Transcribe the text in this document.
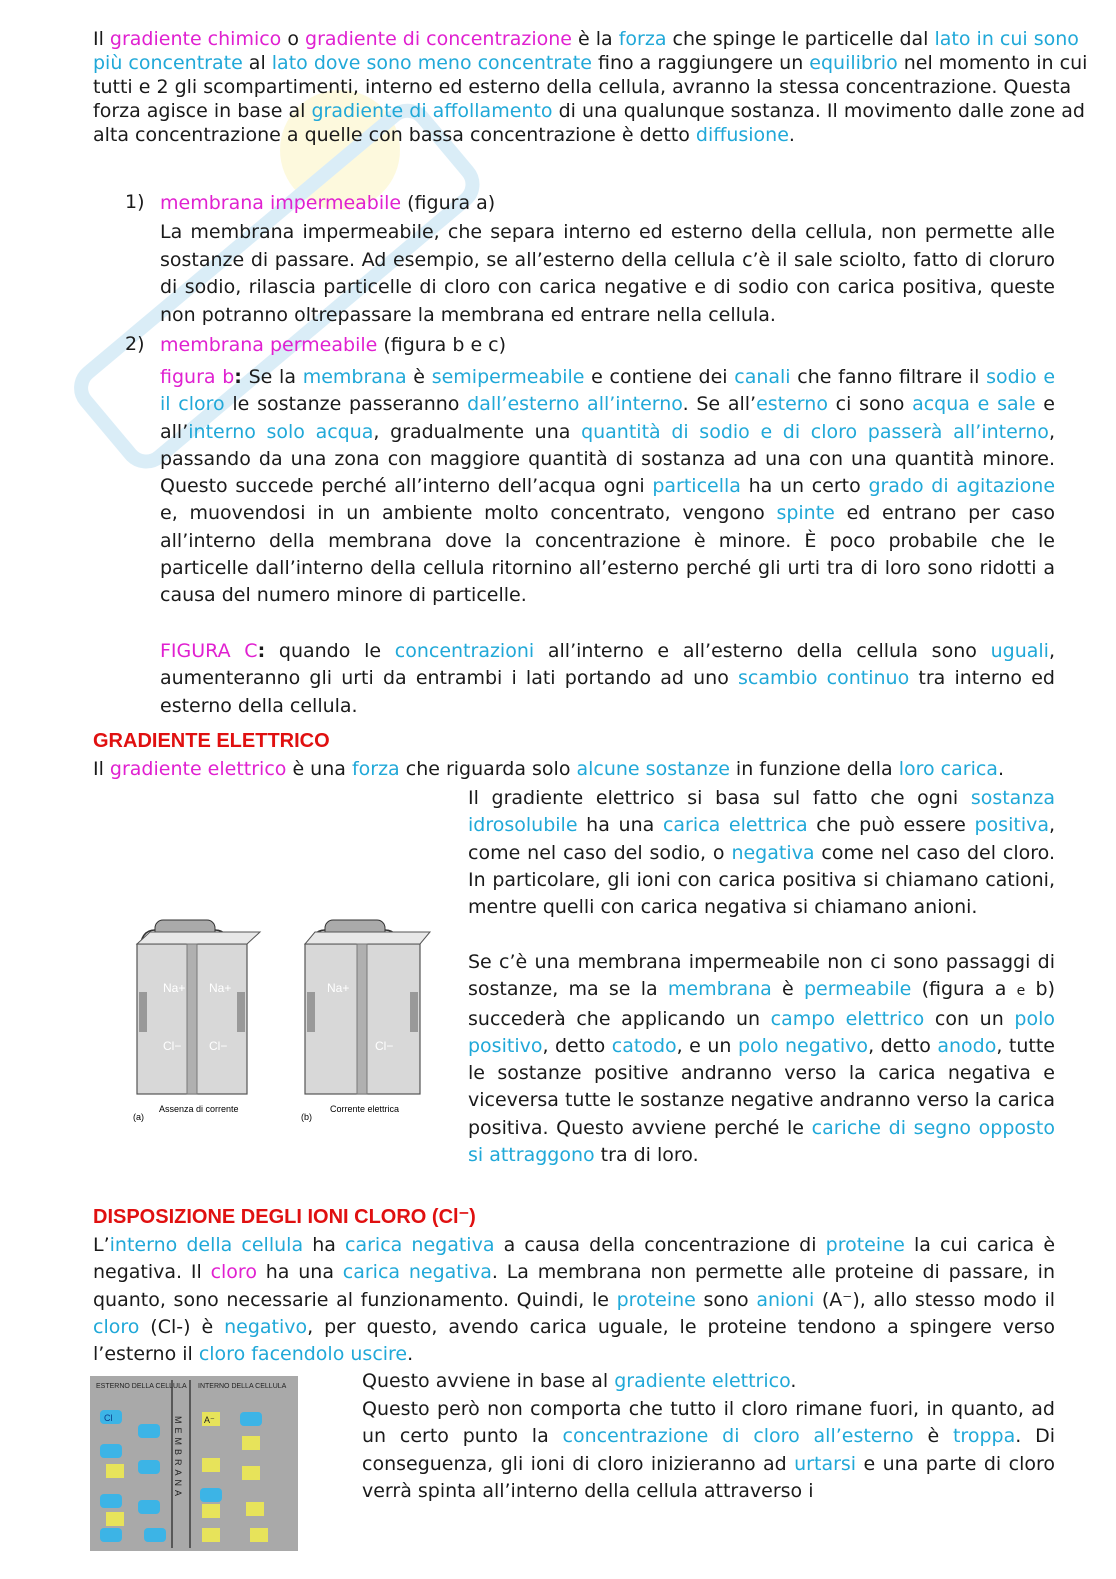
Il gradiente chimico o gradiente di concentrazione è la forza che spinge le particelle dal lato in cui sono più concentrate al lato dove sono meno concentrate fino a raggiungere un equilibrio nel momento in cui tutti e 2 gli scompartimenti, interno ed esterno della cellula, avranno la stessa concentrazione. Questa forza agisce in base al gradiente di affollamento di una qualunque sostanza. Il movimento dalle zone ad alta concentrazione a quelle con bassa concentrazione è detto diffusione.

1) membrana impermeabile (figura a)

La membrana impermeabile, che separa interno ed esterno della cellula, non permette alle sostanze di passare. Ad esempio, se all’esterno della cellula c’è il sale sciolto, fatto di cloruro di sodio, rilascia particelle di cloro con carica negative e di sodio con carica positiva, queste non potranno oltrepassare la membrana ed entrare nella cellula.

2) membrana permeabile (figura b e c)

figura b: Se la membrana è semipermeabile e contiene dei canali che fanno filtrare il sodio e il cloro le sostanze passeranno dall’esterno all’interno. Se all’esterno ci sono acqua e sale e all’interno solo acqua, gradualmente una quantità di sodio e di cloro passerà all’interno, passando da una zona con maggiore quantità di sostanza ad una con una quantità minore. Questo succede perché all’interno dell’acqua ogni particella ha un certo grado di agitazione e, muovendosi in un ambiente molto concentrato, vengono spinte ed entrano per caso all’interno della membrana dove la concentrazione è minore. È poco probabile che le particelle dall’interno della cellula ritornino all’esterno perché gli urti tra di loro sono ridotti a causa del numero minore di particelle.

FIGURA C: quando le concentrazioni all’interno e all’esterno della cellula sono uguali, aumenteranno gli urti da entrambi i lati portando ad uno scambio continuo tra interno ed esterno della cellula.

GRADIENTE ELETTRICO

Il gradiente elettrico è una forza che riguarda solo alcune sostanze in funzione della loro carica.

Il gradiente elettrico si basa sul fatto che ogni sostanza idrosolubile ha una carica elettrica che può essere positiva, come nel caso del sodio, o negativa come nel caso del cloro. In particolare, gli ioni con carica positiva si chiamano cationi, mentre quelli con carica negativa si chiamano anioni.

Se c’è una membrana impermeabile non ci sono passaggi di sostanze, ma se la membrana è permeabile (figura a e b) succederà che applicando un campo elettrico con un polo positivo, detto catodo, e un polo negativo, detto anodo, tutte le sostanze positive andranno verso la carica negativa e viceversa tutte le sostanze negative andranno verso la carica positiva. Questo avviene perché le cariche di segno opposto si attraggono tra di loro.

Na+ Na+
Cl− Cl−
(a)
Assenza di corrente
Na+
Cl−
(b)
Corrente elettrica
DISPOSIZIONE DEGLI IONI CLORO (Cl⁻)

L’interno della cellula ha carica negativa a causa della concentrazione di proteine la cui carica è negativa. Il cloro ha una carica negativa. La membrana non permette alle proteine di passare, in quanto, sono necessarie al funzionamento. Quindi, le proteine sono anioni (A⁻), allo stesso modo il cloro (Cl-) è negativo, per questo, avendo carica uguale, le proteine tendono a spingere verso l’esterno il cloro facendolo uscire.

Questo avviene in base al gradiente elettrico.

Questo però non comporta che tutto il cloro rimane fuori, in quanto, ad un certo punto la concentrazione di cloro all’esterno è troppa. Di conseguenza, gli ioni di cloro inizieranno ad urtarsi e una parte di cloro verrà spinta all’interno della cellula attraverso i

ESTERNO DELLA CELLULA INTERNO DELLA CELLULA
MEMBRANA
Cl	A⁻
